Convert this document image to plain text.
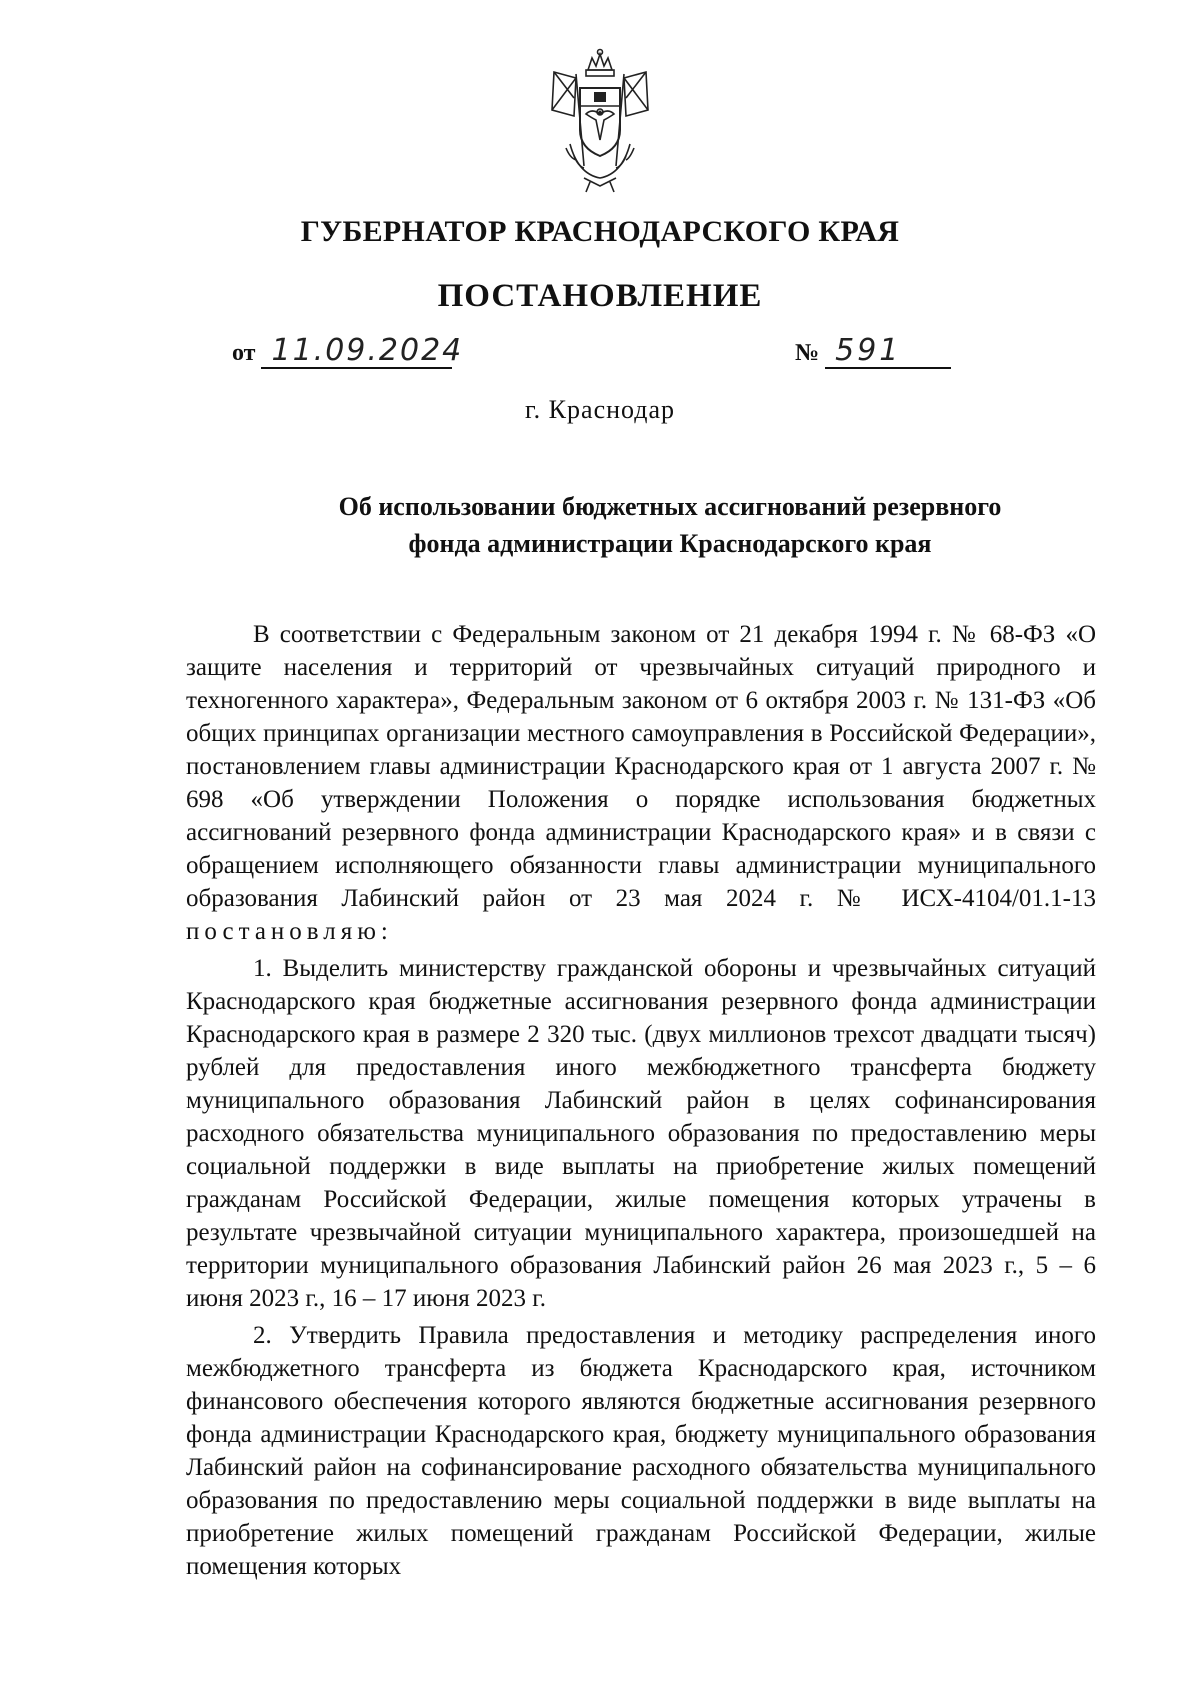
ГУБЕРНАТОР КРАСНОДАРСКОГО КРАЯ
ПОСТАНОВЛЕНИЕ
от 11.09.2024	№ 591
г. Краснодар
Об использовании бюджетных ассигнований резервного
фонда администрации Краснодарского края

В соответствии с Федеральным законом от 21 декабря 1994 г. № 68-ФЗ «О защите населения и территорий от чрезвычайных ситуаций природного и техногенного характера», Федеральным законом от 6 октября 2003 г. № 131-ФЗ «Об общих принципах организации местного самоуправления в Российской Федерации», постановлением главы администрации Краснодарского края от 1 августа 2007 г. № 698 «Об утверждении Положения о порядке использования бюджетных ассигнований резервного фонда администрации Краснодарского края» и в связи с обращением исполняющего обязанности главы администрации муниципального образования Лабинский район от 23 мая 2024 г. № ИСХ-4104/01.1-13 постановляю:

1. Выделить министерству гражданской обороны и чрезвычайных ситуаций Краснодарского края бюджетные ассигнования резервного фонда администрации Краснодарского края в размере 2 320 тыс. (двух миллионов трехсот двадцати тысяч) рублей для предоставления иного межбюджетного трансферта бюджету муниципального образования Лабинский район в целях софинансирования расходного обязательства муниципального образования по предоставлению меры социальной поддержки в виде выплаты на приобретение жилых помещений гражданам Российской Федерации, жилые помещения которых утрачены в результате чрезвычайной ситуации муниципального характера, произошедшей на территории муниципального образования Лабинский район 26 мая 2023 г., 5 – 6 июня 2023 г., 16 – 17 июня 2023 г.

2. Утвердить Правила предоставления и методику распределения иного межбюджетного трансферта из бюджета Краснодарского края, источником финансового обеспечения которого являются бюджетные ассигнования резервного фонда администрации Краснодарского края, бюджету муниципального образования Лабинский район на софинансирование расходного обязательства муниципального образования по предоставлению меры социальной поддержки в виде выплаты на приобретение жилых помещений гражданам Российской Федерации, жилые помещения которых
